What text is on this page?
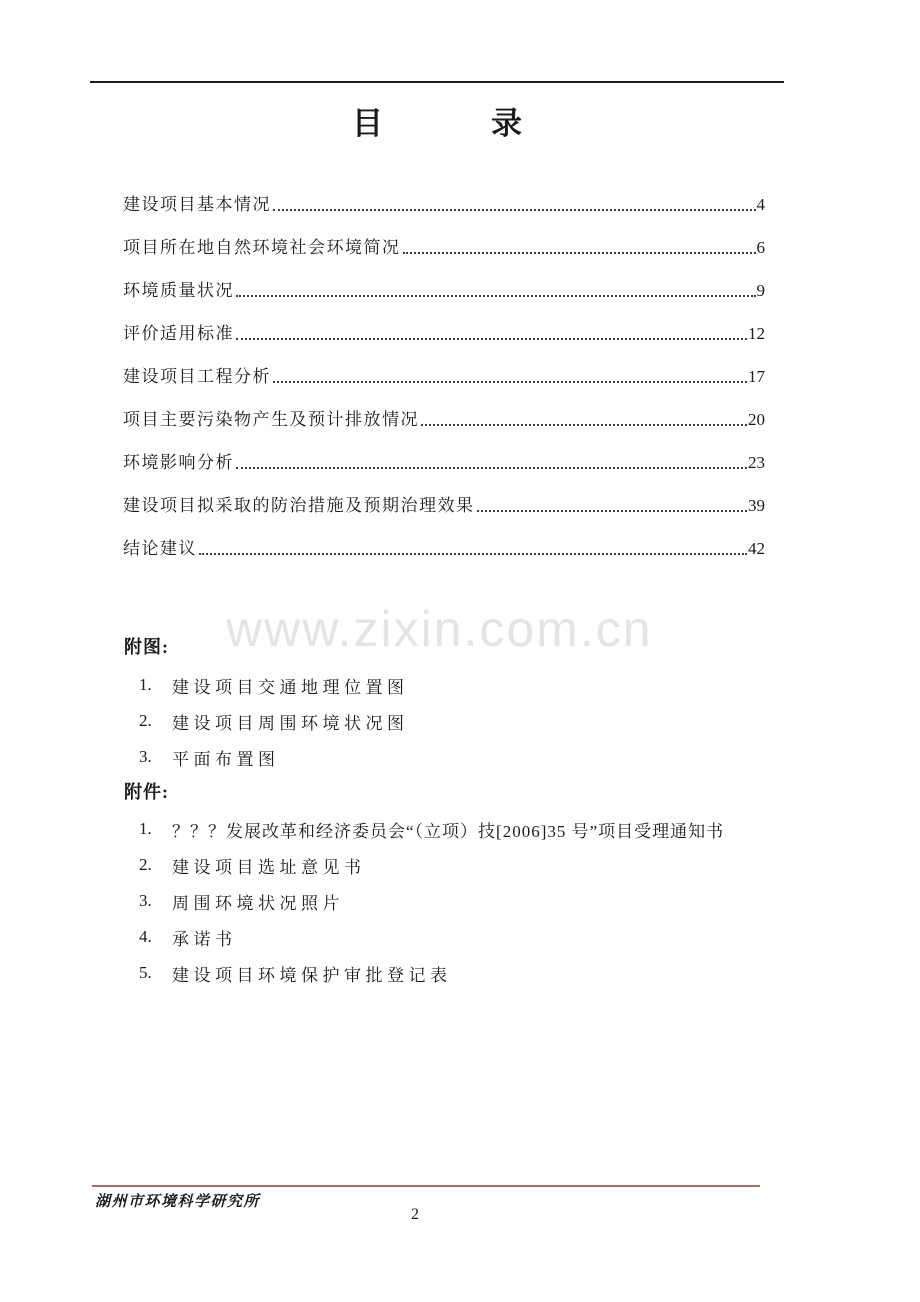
目	录
www.zixin.com.cn
建设项目基本情况	4
项目所在地自然环境社会环境简况	6
环境质量状况	9
评价适用标准	12
建设项目工程分析	17
项目主要污染物产生及预计排放情况	20
环境影响分析	23
建设项目拟采取的防治措施及预期治理效果	39
结论建议	42
附图:
1.	建设项目交通地理位置图
2.	建设项目周围环境状况图
3.	平面布置图
附件:
1.	？？？发展改革和经济委员会“（立项）技[2006]35 号”项目受理通知书
2.	建设项目选址意见书
3.	周围环境状况照片
4.	承诺书
5.	建设项目环境保护审批登记表
湖州市环境科学研究所
2
